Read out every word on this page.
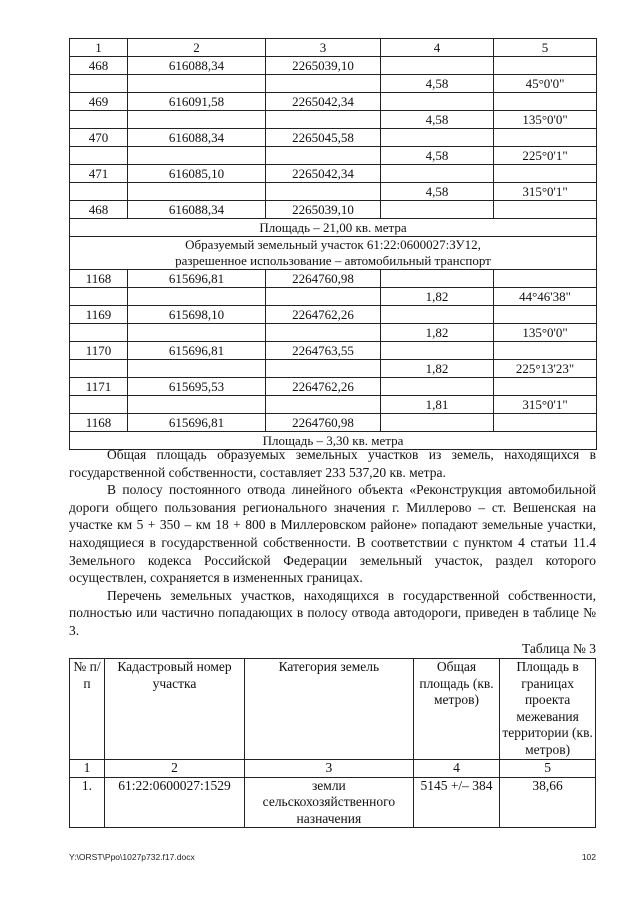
1	2	3	4	5
468	616088,34	2265039,10		
			4,58	45°0'0"
469	616091,58	2265042,34		
			4,58	135°0'0"
470	616088,34	2265045,58		
			4,58	225°0'1"
471	616085,10	2265042,34		
			4,58	315°0'1"
468	616088,34	2265039,10		
Площадь – 21,00 кв. метра				

Образуемый земельный участок 61:22:0600027:ЗУ12,
разрешенное использование – автомобильный транспорт				

1168	615696,81	2264760,98		
			1,82	44°46'38"
1169	615698,10	2264762,26		
			1,82	135°0'0"
1170	615696,81	2264763,55		
			1,82	225°13'23"
1171	615695,53	2264762,26		
			1,81	315°0'1"
1168	615696,81	2264760,98		
Площадь – 3,30 кв. метра				

Общая площадь образуемых земельных участков из земель, находящихся в государственной собственности, составляет 233 537,20 кв. метра.

В полосу постоянного отвода линейного объекта «Реконструкция автомобильной дороги общего пользования регионального значения г. Миллерово – ст. Вешенская на участке км 5 + 350 – км 18 + 800 в Миллеровском районе» попадают земельные участки, находящиеся в государственной собственности. В соответствии с пунктом 4 статьи 11.4 Земельного кодекса Российской Федерации земельный участок, раздел которого осуществлен, сохраняется в измененных границах.

Перечень земельных участков, находящихся в государственной собственности, полностью или частично попадающих в полосу отвода автодороги, приведен в таблице № 3.

Таблица № 3
№ п/п	Кадастровый номер участка	Категория земель	Общая площадь (кв. метров)	Площадь в границах проекта межевания территории (кв. метров)
1	2	3	4	5
1.	61:22:0600027:1529	земли сельскохозяйственного назначения	5145 +/– 384	38,66
Y:\ORST\Ppo\1027p732.f17.docx	102
